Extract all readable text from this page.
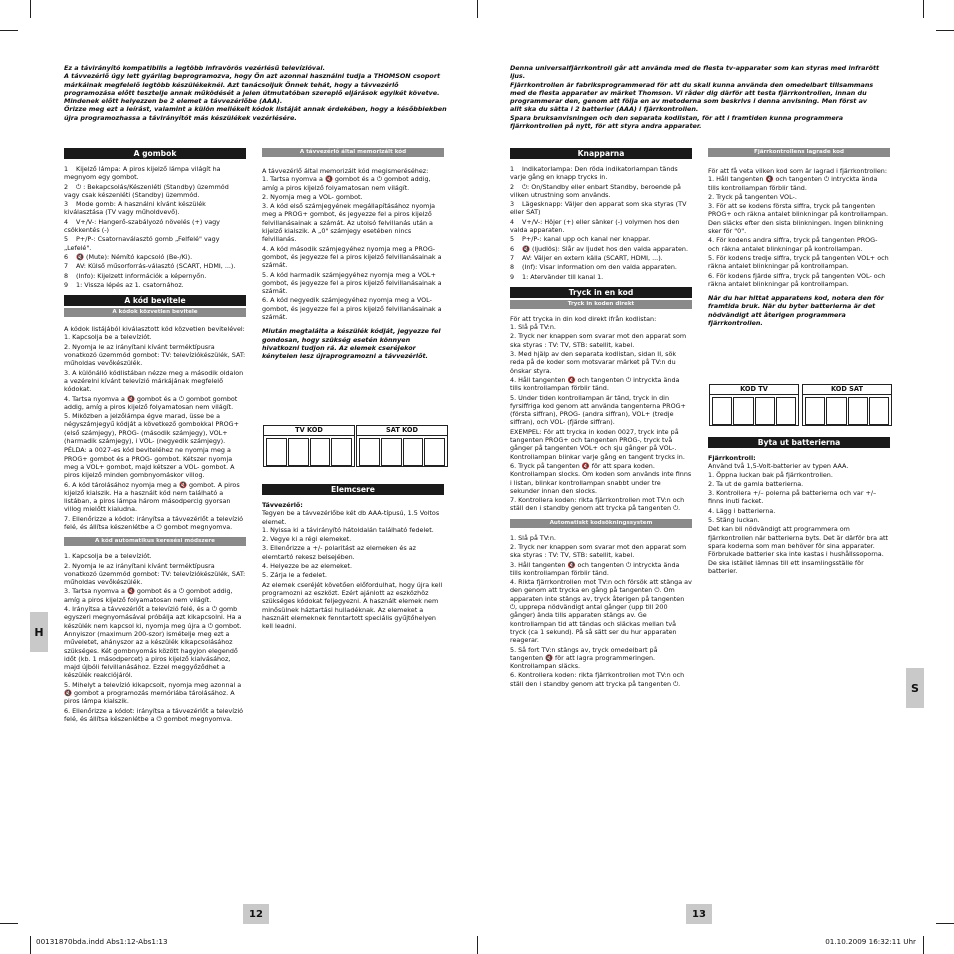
Ez a távirányító kompatibilis a legtöbb infravörös vezérlésű televízióval.

A távvezérlő úgy lett gyárilag beprogramozva, hogy Ön azt azonnal használni tudja a THOMSON csoport márkáinak megfelelő legtöbb készülékeknél. Azt tanácsoljuk Önnek tehát, hogy a távvezérlő programozása előtt tesztelje annak működését a jelen útmutatóban szereplő eljárások egyikét követve.

Mindenek előtt helyezzen be 2 elemet a távvezérlőbe (AAA).

Őrizze meg ezt a leírást, valamint a külön mellékelt kódok listáját annak érdekében, hogy a későbbiekben újra programozhassa a távirányítót más készülékek vezérlésére.

A gombok
1 Kijelző lámpa: A piros kijelző lámpa világít ha megnyom egy gombot.
2 ⏻ : Bekapcsolás/Készenléti (Standby) üzemmód vagy csak készenléti (Standby) üzemmód.
3 Mode gomb: A használni kívánt készülék kiválasztása (TV vagy műholdvevő).
4 V+/V-: Hangerő-szabályozó növelés (+) vagy csökkentés (-)
5 P+/P-: Csatornaválasztó gomb „Felfelé" vagy „Lefelé".
6 🔇 (Mute): Némító kapcsoló (Be-/Ki).
7 AV: Külső műsorforrás-választó (SCART, HDMI, ...).
8 (Info): Kijelzett információk a képernyőn.
9 1: Vissza lépés az 1. csatornához.
A kód bevitele
A kódok közvetlen bevitele

A kódok listájából kiválasztott kód közvetlen bevitelével:

1. Kapcsolja be a televíziót.
2. Nyomja le az irányítani kívánt terméktípusra vonatkozó üzemmód gombot: TV: televíziókészülék, SAT: műholdas vevőkészülék.
3. A különálló kódlistában nézze meg a második oldalon a vezérelni kívánt televízió márkájának megfelelő kódokat.
4. Tartsa nyomva a 🔇 gombot és a ⏻ gombot gombot addig, amíg a piros kijelző folyamatosan nem világít.
5. Miközben a jelzőlámpa égve marad, üsse be a négyszámjegyű kódját a következő gombokkal PROG+ (első számjegy), PROG- (második számjegy), VOL+ (harmadik számjegy), i VOL- (negyedik számjegy).
PÉLDA: a 0027-es kód beviteléhez ne nyomja meg a PROG+ gombot és a PROG- gombot. Kétszer nyomja meg a VOL+ gombot, majd kétszer a VOL- gombot. A piros kijelző minden gombnyomáskor villog.
6. A kód tárolásához nyomja meg a 🔇 gombot. A piros kijelző kialszik. Ha a használt kód nem található a listában, a piros lámpa három másodpercig gyorsan villog mielőtt kialudna.
7. Ellenőrizze a kódot: irányítsa a távvezérlőt a televízió felé, és állítsa készenlétbe a ⏻ gombot megnyomva.
A kód automatikus keresési módszere
1. Kapcsolja be a televíziót.
2. Nyomja le az irányítani kívánt terméktípusra vonatkozó üzemmód gombot: TV: televíziókészülék, SAT: műholdas vevőkészülék.
3. Tartsa nyomva a 🔇 gombot és a ⏻ gombot addig, amíg a piros kijelző folyamatosan nem világít.
4. Irányítsa a távvezérlőt a televízió felé, és a ⏻ gomb egyszeri megnyomásával próbálja azt kikapcsolni. Ha a készülék nem kapcsol ki, nyomja meg újra a ⏻ gombot. Annyiszor (maximum 200-szor) ismételje meg ezt a műveletet, ahányszor az a készülék kikapcsolásához szükséges. Két gombnyomás között hagyjon elegendő időt (kb. 1 másodpercet) a piros kijelző kialvásához, majd újbóli felvillanásához. Ezzel meggyőződhet a készülék reakciójáról.
5. Mihelyt a televízió kikapcsolt, nyomja meg azonnal a 🔇 gombot a programozás memóriába tárolásához. A piros lámpa kialszik.
6. Ellenőrizze a kódot: irányítsa a távvezérlőt a televízió felé, és állítsa készenlétbe a ⏻ gombot megnyomva.
A távvezérlő által memorizált kód

A távvezérlő által memorizált kód megismeréséhez:

1. Tartsa nyomva a 🔇 gombot és a ⏻ gombot addig, amíg a piros kijelző folyamatosan nem világít.
2. Nyomja meg a VOL- gombot.
3. A kód első számjegyének megállapításához nyomja meg a PROG+ gombot, és jegyezze fel a piros kijelző felvillanásainak a számát. Az utolsó felvillanás után a kijelző kialszik. A „0" számjegy esetében nincs felvillanás.
4. A kód második számjegyéhez nyomja meg a PROG- gombot, és jegyezze fel a piros kijelző felvillanásainak a számát.
5. A kód harmadik számjegyéhez nyomja meg a VOL+ gombot, és jegyezze fel a piros kijelző felvillanásainak a számát.
6. A kód negyedik számjegyéhez nyomja meg a VOL- gombot, és jegyezze fel a piros kijelző felvillanásainak a számát.

Miután megtalálta a készülék kódját, jegyezze fel gondosan, hogy szükség esetén könnyen hivatkozni tudjon rá. Az elemek cseréjekor kénytelen lesz újraprogramozni a távvezérlőt.

TV KÓD	SAT KÓD
Elemcsere

Távvezérlő:

Tegyen be a távvezérlőbe két db AAA-típusú, 1.5 Voltos elemet.

1. Nyissa ki a távirányító hátoldalán található fedelet.
2. Vegye ki a régi elemeket.
3. Ellenőrizze a +/- polaritást az elemeken és az elemtartó rekesz belsejében.
4. Helyezze be az elemeket.
5. Zárja le a fedelet.

Az elemek cseréjét követően előfordulhat, hogy újra kell programozni az eszközt. Ezért ajánlott az eszközhöz szükséges kódokat feljegyezni. A használt elemek nem minősülnek háztartási hulladéknak. Az elemeket a használt elemeknek fenntartott speciális gyűjtőhelyen kell leadni.

Denna universalfjärrkontroll går att använda med de flesta tv-apparater som kan styras med infrarött ljus.

Fjärrkontrollen är fabriksprogrammerad för att du skall kunna använda den omedelbart tillsammans med de flesta apparater av märket Thomson. Vi råder dig därför att testa fjärrkontrollen, innan du programmerar den, genom att följa en av metoderna som beskrivs i denna anvisning. Men först av allt ska du sätta i 2 batterier (AAA) i fjärrkontrollen.

Spara bruksanvisningen och den separata kodlistan, för att i framtiden kunna programmera fjärrkontrollen på nytt, för att styra andra apparater.

Knapparna
1 Indikatorlampa: Den röda indikatorlampan tänds varje gång en knapp trycks in.
2 ⏻: On/Standby eller enbart Standby, beroende på vilken utrustning som används.
3 Lägesknapp: Väljer den apparat som ska styras (TV eller SAT)
4 V+/V-: Höjer (+) eller sänker (-) volymen hos den valda apparaten.
5 P+/P-: kanal upp och kanal ner knappar.
6 🔇 (ljudlös): Slår av ljudet hos den valda apparaten.
7 AV: Väljer en extern källa (SCART, HDMI, ...).
8 (Inf): Visar information om den valda apparaten.
9 1: Atervänder till kanal 1.
Tryck in en kod
Tryck in koden direkt

För att trycka in din kod direkt ifrån kodlistan:

1. Slå på TV:n.
2. Tryck ner knappen som svarar mot den apparat som ska styras : TV: TV, STB: satellit, kabel.
3. Med hjälp av den separata kodlistan, sidan II, sök reda på de koder som motsvarar märket på TV:n du önskar styra.
4. Håll tangenten 🔇 och tangenten ⏻ intryckta ända tills kontrollampan förblir tänd.
5. Under tiden kontrollampan är tänd, tryck in din fyrsiffriga kod genom att använda tangenterna PROG+ (första siffran), PROG- (andra siffran), VOL+ (tredje siffran), och VOL- (fjärde siffran).
EXEMPEL: För att trycka in koden 0027, tryck inte på tangenten PROG+ och tangenten PROG-, tryck två gånger på tangenten VOL+ och sju gånger på VOL-. Kontrollampan blinkar varje gång en tangent trycks in.
6. Tryck på tangenten 🔇 för att spara koden. Kontrollampan slocks. Om koden som används inte finns i listan, blinkar kontrollampan snabbt under tre sekunder innan den slocks.
7. Kontrollera koden: rikta fjärrkontrollen mot TV:n och ställ den i standby genom att trycka på tangenten ⏻.
Automatiskt kodsökningssystem
1. Slå på TV:n.
2. Tryck ner knappen som svarar mot den apparat som ska styras : TV: TV, STB: satellit, kabel.
3. Håll tangenten 🔇 och tangenten ⏻ intryckta ända tills kontrollampan förblir tänd.
4. Rikta fjärrkontrollen mot TV:n och försök att stänga av den genom att trycka en gång på tangenten ⏻. Om apparaten inte stängs av, tryck återigen på tangenten ⏻, upprepa nödvändigt antal gånger (upp till 200 gånger) ända tills apparaten stängs av. Ge kontrollampan tid att tändas och släckas mellan två tryck (ca 1 sekund). På så sätt ser du hur apparaten reagerar.
5. Så fort TV:n stängs av, tryck omedelbart på tangenten 🔇 för att lagra programmeringen. Kontrollampan släcks.
6. Kontrollera koden: rikta fjärrkontrollen mot TV:n och ställ den i standby genom att trycka på tangenten ⏻.
Fjärrkontrollens lagrade kod

För att få veta vilken kod som är lagrad i fjärrkontrollen:

1. Håll tangenten 🔇 och tangenten ⏻ intryckta ända tills kontrollampan förblir tänd.
2. Tryck på tangenten VOL-.
3. För att se kodens första siffra, tryck på tangenten PROG+ och räkna antalet blinkningar på kontrollampan. Den släcks efter den sista blinkningen. Ingen blinkning sker för "0".
4. För kodens andra siffra, tryck på tangenten PROG- och räkna antalet blinkningar på kontrollampan.
5. För kodens tredje siffra, tryck på tangenten VOL+ och räkna antalet blinkningar på kontrollampan.
6. För kodens fjärde siffra, tryck på tangenten VOL- och räkna antalet blinkningar på kontrollampan.

När du har hittat apparatens kod, notera den för framtida bruk. När du byter batterierna är det nödvändigt att återigen programmera fjärrkontrollen.

KOD TV	KOD SAT
Byta ut batterierna

Fjärrkontroll:

Använd två 1,5-Volt-batterier av typen AAA.

1. Öppna luckan bak på fjärrkontrollen.
2. Ta ut de gamla batterierna.
3. Kontrollera +/– polerna på batterierna och var +/– finns inuti facket.
4. Lägg i batterierna.
5. Stäng luckan.

Det kan bli nödvändigt att programmera om fjärrkontrollen när batterierna byts. Det är därför bra att spara koderna som man behöver för sina apparater. Förbrukade batterier ska inte kastas i hushållssoporna. De ska istället lämnas till ett insamlingsställe för batterier.

H
S
12	13
00131870bda.indd Abs1:12-Abs1:13	01.10.2009 16:32:11 Uhr
